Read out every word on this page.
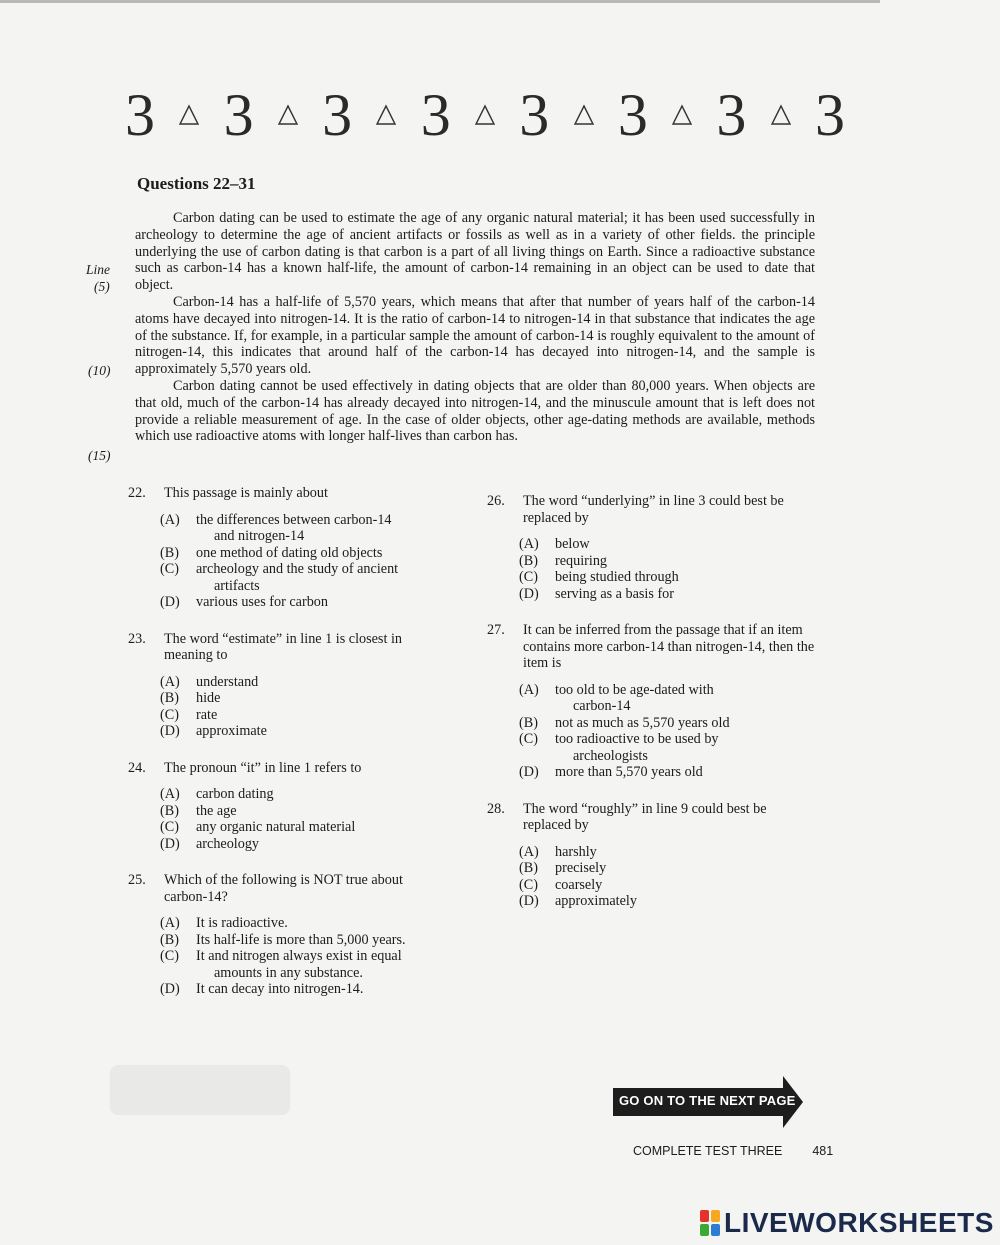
3 3 3 3 3 3 3 3
Questions 22–31

Carbon dating can be used to estimate the age of any organic natural material; it has been used successfully in archeology to determine the age of ancient artifacts or fossils as well as in a variety of other fields. the principle underlying the use of carbon dating is that carbon is a part of all living things on Earth. Since a radioactive substance such as carbon-14 has a known half-life, the amount of carbon-14 remaining in an object can be used to date that object.

Carbon-14 has a half-life of 5,570 years, which means that after that number of years half of the carbon-14 atoms have decayed into nitrogen-14. It is the ratio of carbon-14 to nitrogen-14 in that substance that indicates the age of the substance. If, for example, in a particular sample the amount of carbon-14 is roughly equivalent to the amount of nitrogen-14, this indicates that around half of the carbon-14 has decayed into nitrogen-14, and the sample is approximately 5,570 years old.

Carbon dating cannot be used effectively in dating objects that are older than 80,000 years. When objects are that old, much of the carbon-14 has already decayed into nitrogen-14, and the minuscule amount that is left does not provide a reliable measurement of age. In the case of older objects, other age-dating methods are available, methods which use radioactive atoms with longer half-lives than carbon has.

Line
(5)
(10)
(15)
22.	This passage is mainly about
(A)	the differences between carbon-14
and nitrogen-14
(B)	one method of dating old objects
(C)	archeology and the study of ancient
artifacts
(D)	various uses for carbon
23.	The word “estimate” in line 1 is closest in meaning to
(A)	understand
(B)	hide
(C)	rate
(D)	approximate
24.	The pronoun “it” in line 1 refers to
(A)	carbon dating
(B)	the age
(C)	any organic natural material
(D)	archeology
25.	Which of the following is NOT true about carbon-14?
(A)	It is radioactive.
(B)	Its half-life is more than 5,000 years.
(C)	It and nitrogen always exist in equal
amounts in any substance.
(D)	It can decay into nitrogen-14.
26.	The word “underlying” in line 3 could best be replaced by
(A)	below
(B)	requiring
(C)	being studied through
(D)	serving as a basis for
27.	It can be inferred from the passage that if an item contains more carbon-14 than nitrogen-14, then the item is
(A)	too old to be age-dated with
carbon-14
(B)	not as much as 5,570 years old
(C)	too radioactive to be used by
archeologists
(D)	more than 5,570 years old
28.	The word “roughly” in line 9 could best be replaced by
(A)	harshly
(B)	precisely
(C)	coarsely
(D)	approximately
GO ON TO THE NEXT PAGE
COMPLETE TEST THREE 481
LIVEWORKSHEETS
